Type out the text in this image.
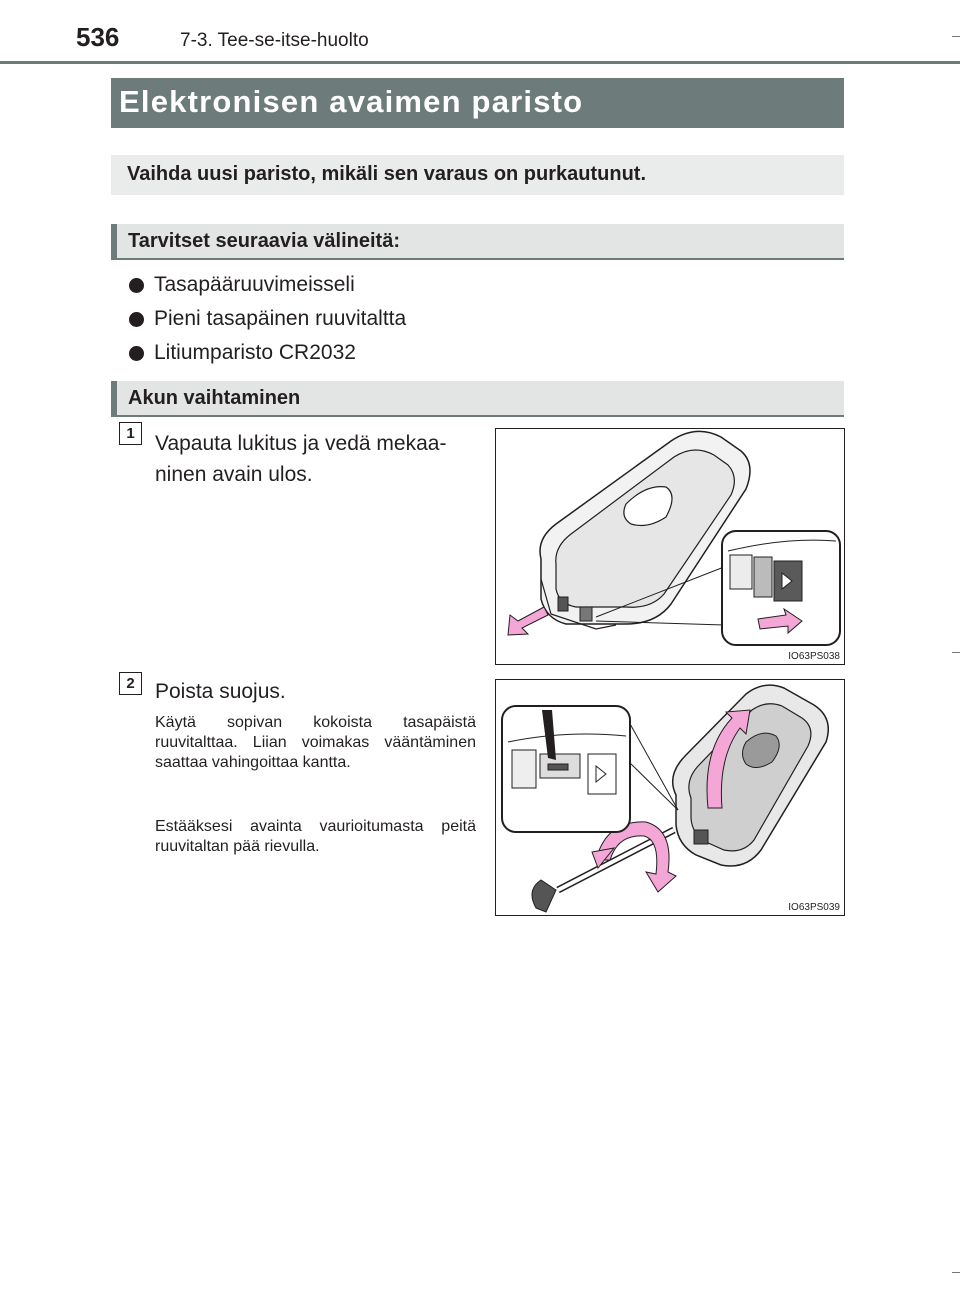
536	7-3. Tee-se-itse-huolto
Elektronisen avaimen paristo
Vaihda uusi paristo, mikäli sen varaus on purkautunut.
Tarvitset seuraavia välineitä:
Tasapääruuvimeisseli
Pieni tasapäinen ruuvitaltta
Litiumparisto CR2032
Akun vaihtaminen
1 Vapauta lukitus ja vedä mekaa-
ninen avain ulos.
IO63PS038
2 Poista suojus.
Käytä sopivan kokoista tasapäistä ruuvitalttaa. Liian voimakas vääntäminen saattaa vahingoittaa kantta.
Estääksesi avainta vaurioitumasta peitä ruuvitaltan pää rievulla.
IO63PS039
